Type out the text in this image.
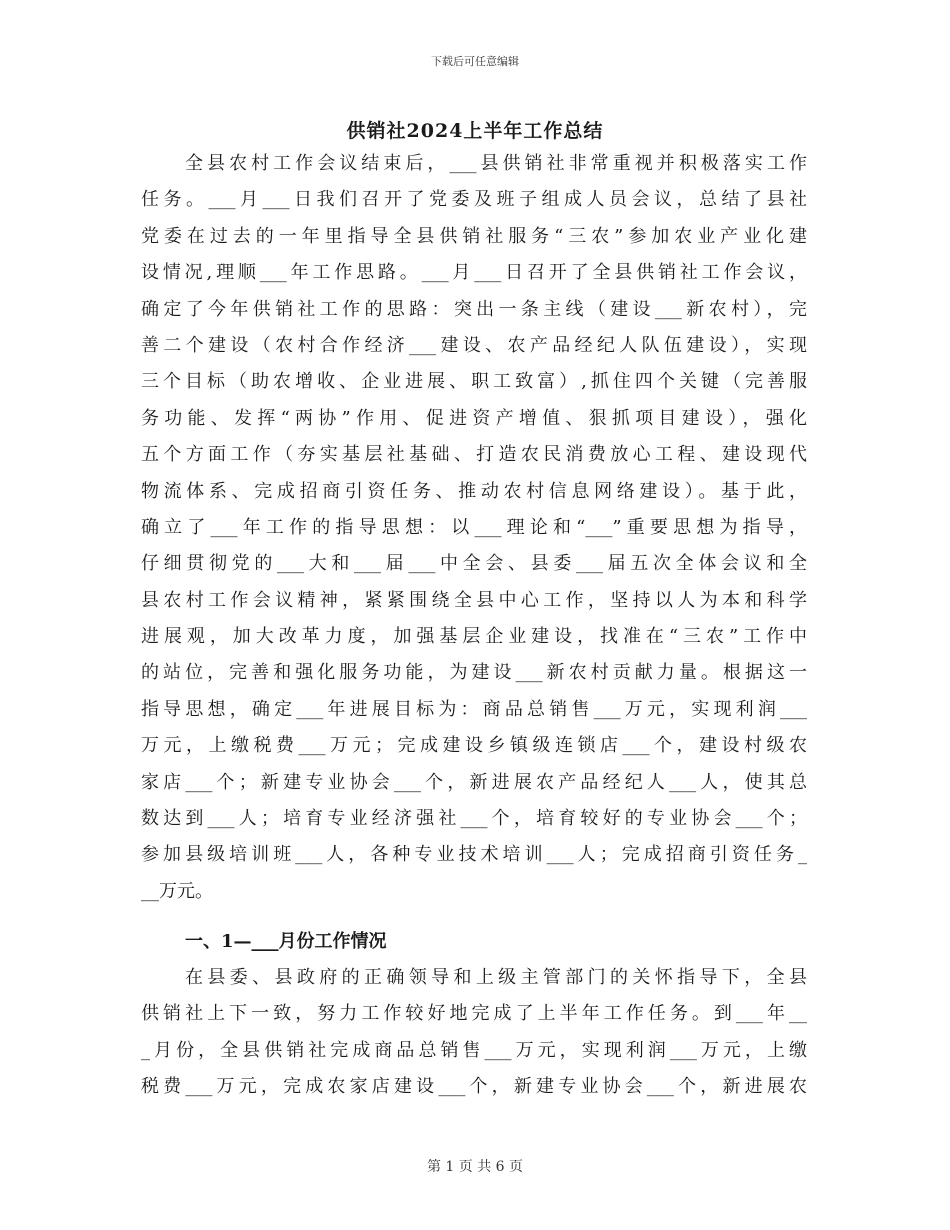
下载后可任意编辑
供销社2024上半年工作总结
全县农村工作会议结束后，___县供销社非常重视并积极落实工作
任务。___月___日我们召开了党委及班子组成人员会议，总结了县社
党委在过去的一年里指导全县供销社服务“三农”参加农业产业化建
设情况,理顺___年工作思路。___月___日召开了全县供销社工作会议，
确定了今年供销社工作的思路：突出一条主线（建设___新农村），完
善二个建设（农村合作经济___建设、农产品经纪人队伍建设），实现
三个目标（助农增收、企业进展、职工致富）,抓住四个关键（完善服
务功能、发挥“两协”作用、促进资产增值、狠抓项目建设），强化
五个方面工作（夯实基层社基础、打造农民消费放心工程、建设现代
物流体系、完成招商引资任务、推动农村信息网络建设）。基于此，
确立了___年工作的指导思想：以___理论和“___”重要思想为指导，
仔细贯彻党的___大和___届___中全会、县委___届五次全体会议和全
县农村工作会议精神，紧紧围绕全县中心工作，坚持以人为本和科学
进展观，加大改革力度，加强基层企业建设，找准在“三农”工作中
的站位，完善和强化服务功能，为建设___新农村贡献力量。根据这一
指导思想，确定___年进展目标为：商品总销售___万元，实现利润___
万元，上缴税费___万元；完成建设乡镇级连锁店___个，建设村级农
家店___个；新建专业协会___个，新进展农产品经纪人___人，使其总
数达到___人；培育专业经济强社___个，培育较好的专业协会___个；
参加县级培训班___人，各种专业技术培训___人；完成招商引资任务_
__万元。
一、1—___月份工作情况
在县委、县政府的正确领导和上级主管部门的关怀指导下，全县
供销社上下一致，努力工作较好地完成了上半年工作任务。到___年__
_月份，全县供销社完成商品总销售___万元，实现利润___万元，上缴
税费___万元，完成农家店建设___个，新建专业协会___个，新进展农
第 1 页 共 6 页
